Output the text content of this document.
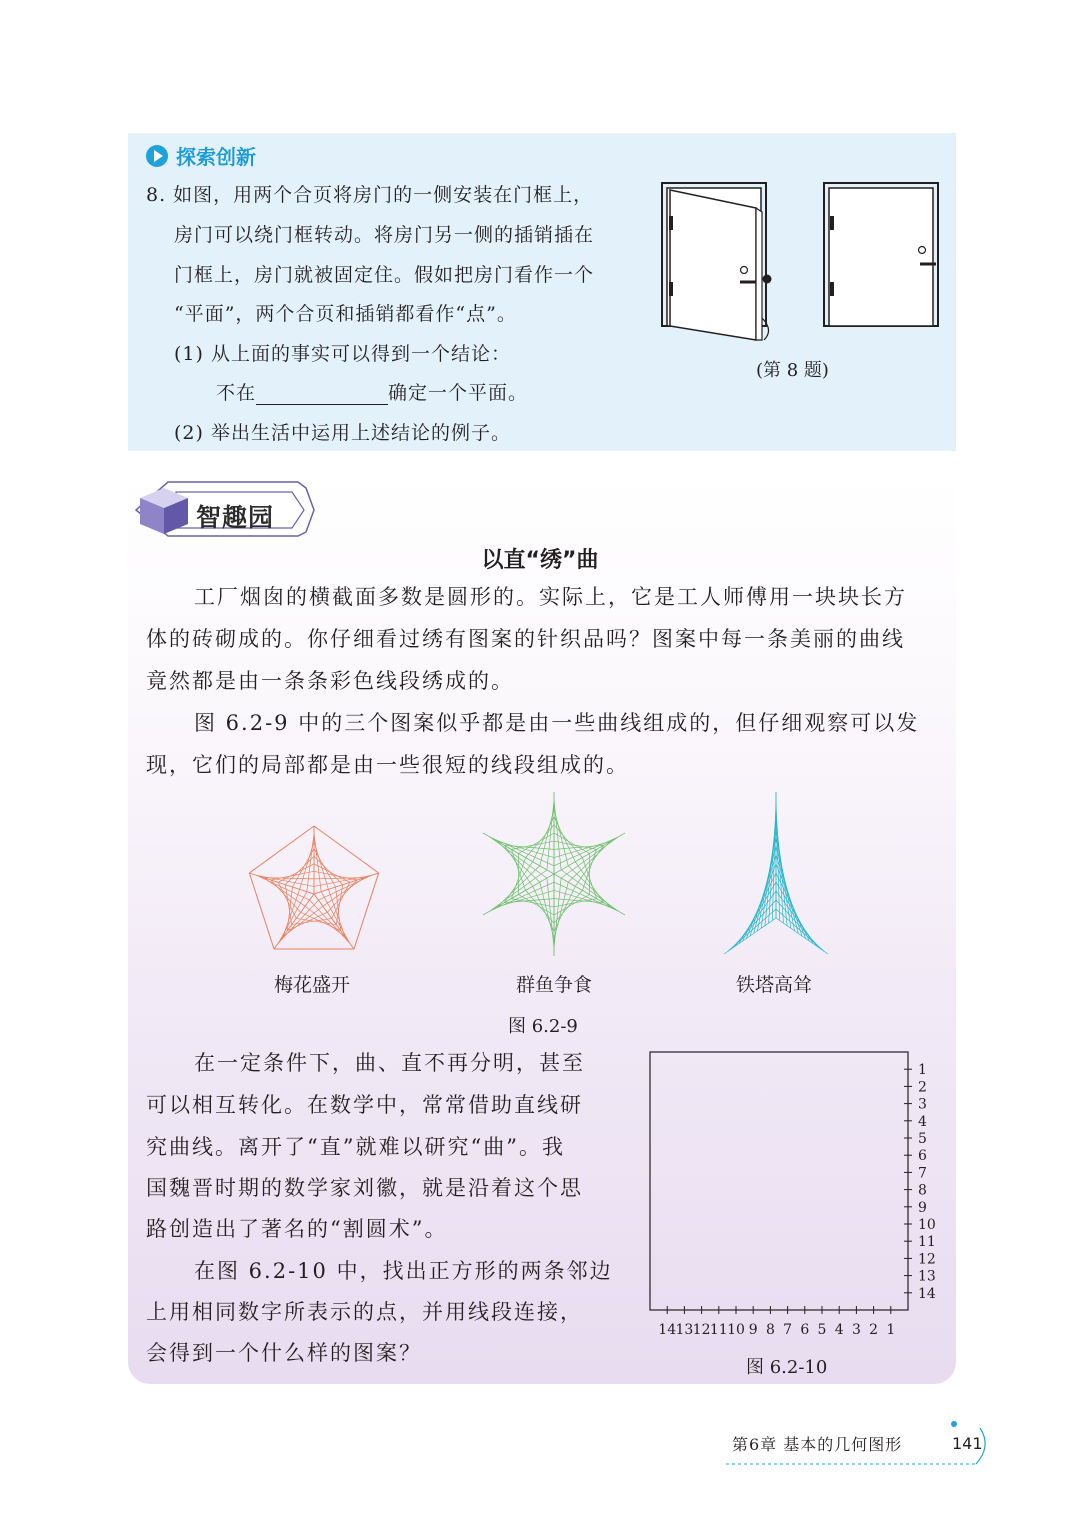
探索创新
8. 如图，用两个合页将房门的一侧安装在门框上，
房门可以绕门框转动。将房门另一侧的插销插在
门框上，房门就被固定住。假如把房门看作一个
“平面”，两个合页和插销都看作“点”。
(1) 从上面的事实可以得到一个结论：
不在	确定一个平面。
(2) 举出生活中运用上述结论的例子。
(第 8 题)
智趣园
以直“绣”曲
工厂烟囱的横截面多数是圆形的。实际上，它是工人师傅用一块块长方
体的砖砌成的。你仔细看过绣有图案的针织品吗？图案中每一条美丽的曲线
竟然都是由一条条彩色线段绣成的。
图 6.2-9 中的三个图案似乎都是由一些曲线组成的，但仔细观察可以发
现，它们的局部都是由一些很短的线段组成的。
梅花盛开	群鱼争食	铁塔高耸
图 6.2-9
在一定条件下，曲、直不再分明，甚至
可以相互转化。在数学中，常常借助直线研
究曲线。离开了“直”就难以研究“曲”。我
国魏晋时期的数学家刘徽，就是沿着这个思
路创造出了著名的“割圆术”。
在图 6.2-10 中，找出正方形的两条邻边
上用相同数字所表示的点，并用线段连接，
会得到一个什么样的图案？
1
2
3
4
5
6
7
8
9
10
11
12
13
14
14 13 12 11 10 9 8 7 6 5 4 3 2 1
图 6.2-10
第6章 基本的几何图形	141
